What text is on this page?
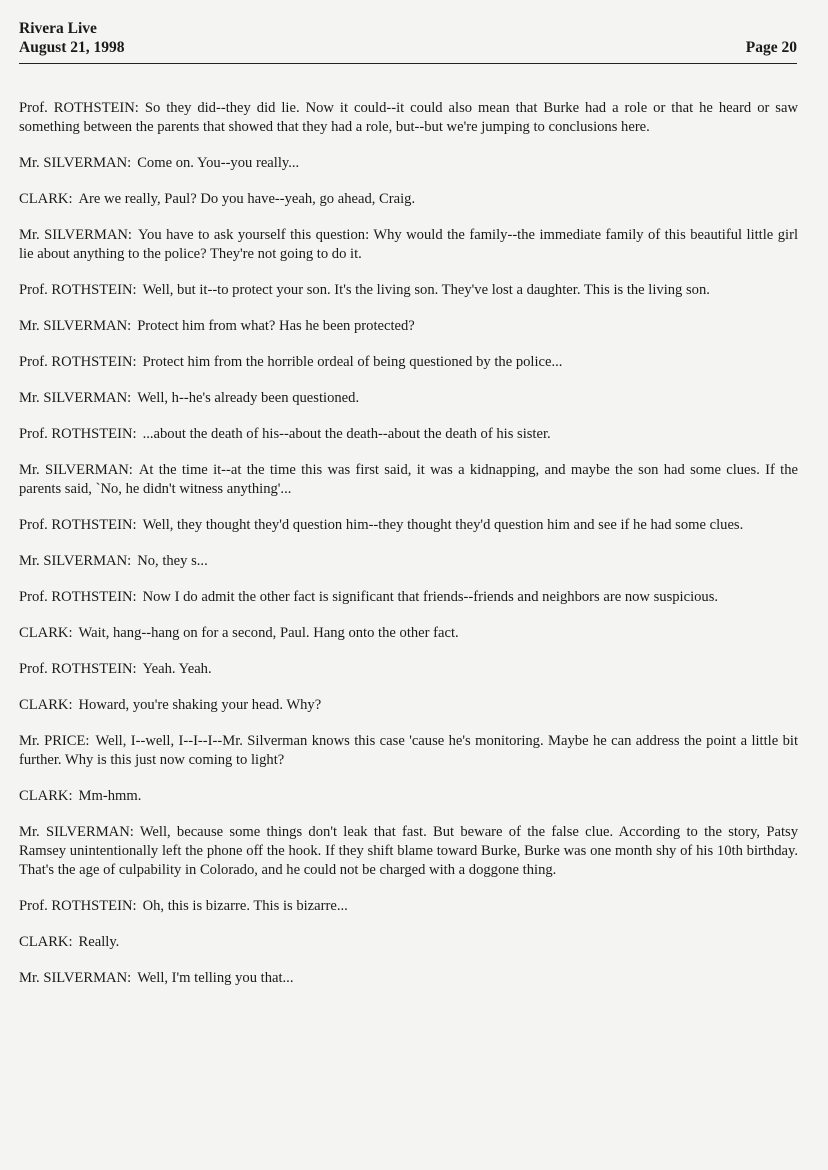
Rivera Live
August 21, 1998	Page 20

Prof. ROTHSTEIN: So they did--they did lie. Now it could--it could also mean that Burke had a role or that he heard or saw something between the parents that showed that they had a role, but--but we're jumping to conclusions here.

Mr. SILVERMAN: Come on. You--you really...

CLARK: Are we really, Paul? Do you have--yeah, go ahead, Craig.

Mr. SILVERMAN: You have to ask yourself this question: Why would the family--the immediate family of this beautiful little girl lie about anything to the police? They're not going to do it.

Prof. ROTHSTEIN: Well, but it--to protect your son. It's the living son. They've lost a daughter. This is the living son.

Mr. SILVERMAN: Protect him from what? Has he been protected?

Prof. ROTHSTEIN: Protect him from the horrible ordeal of being questioned by the police...

Mr. SILVERMAN: Well, h--he's already been questioned.

Prof. ROTHSTEIN: ...about the death of his--about the death--about the death of his sister.

Mr. SILVERMAN: At the time it--at the time this was first said, it was a kidnapping, and maybe the son had some clues. If the parents said, `No, he didn't witness anything'...

Prof. ROTHSTEIN: Well, they thought they'd question him--they thought they'd question him and see if he had some clues.

Mr. SILVERMAN: No, they s...

Prof. ROTHSTEIN: Now I do admit the other fact is significant that friends--friends and neighbors are now suspicious.

CLARK: Wait, hang--hang on for a second, Paul. Hang onto the other fact.

Prof. ROTHSTEIN: Yeah. Yeah.

CLARK: Howard, you're shaking your head. Why?

Mr. PRICE: Well, I--well, I--I--I--Mr. Silverman knows this case 'cause he's monitoring. Maybe he can address the point a little bit further. Why is this just now coming to light?

CLARK: Mm-hmm.

Mr. SILVERMAN: Well, because some things don't leak that fast. But beware of the false clue. According to the story, Patsy Ramsey unintentionally left the phone off the hook. If they shift blame toward Burke, Burke was one month shy of his 10th birthday. That's the age of culpability in Colorado, and he could not be charged with a doggone thing.

Prof. ROTHSTEIN: Oh, this is bizarre. This is bizarre...

CLARK: Really.

Mr. SILVERMAN: Well, I'm telling you that...
